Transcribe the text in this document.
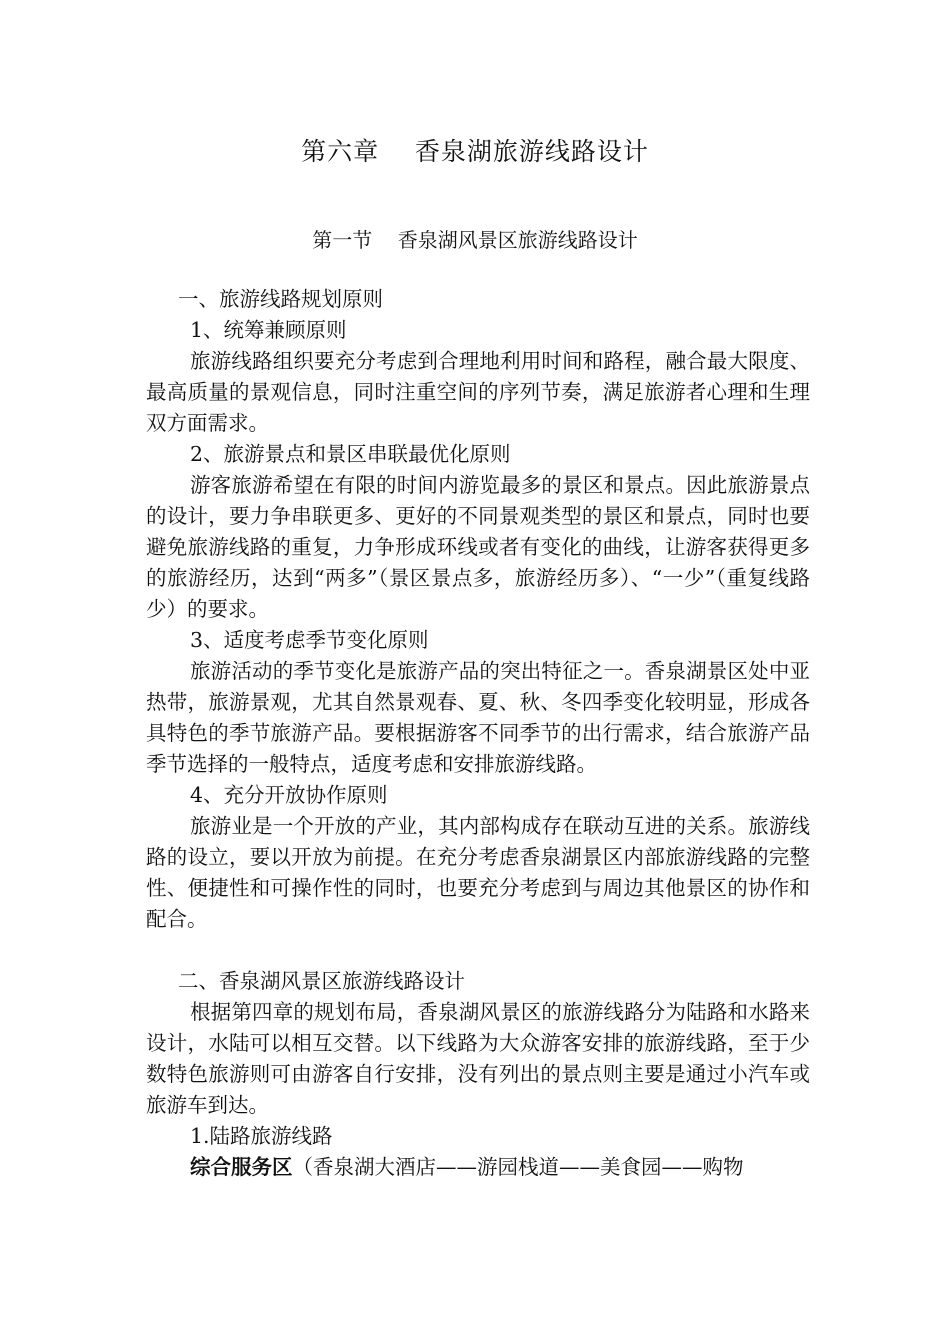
第六章    香泉湖旅游线路设计
第一节    香泉湖风景区旅游线路设计

一、旅游线路规划原则

1、统筹兼顾原则

旅游线路组织要充分考虑到合理地利用时间和路程，融合最大限度、最高质量的景观信息，同时注重空间的序列节奏，满足旅游者心理和生理双方面需求。

2、旅游景点和景区串联最优化原则

游客旅游希望在有限的时间内游览最多的景区和景点。因此旅游景点的设计，要力争串联更多、更好的不同景观类型的景区和景点，同时也要避免旅游线路的重复，力争形成环线或者有变化的曲线，让游客获得更多的旅游经历，达到“两多”（景区景点多，旅游经历多）、“一少”（重复线路少）的要求。

3、适度考虑季节变化原则

旅游活动的季节变化是旅游产品的突出特征之一。香泉湖景区处中亚热带，旅游景观，尤其自然景观春、夏、秋、冬四季变化较明显，形成各具特色的季节旅游产品。要根据游客不同季节的出行需求，结合旅游产品季节选择的一般特点，适度考虑和安排旅游线路。

4、充分开放协作原则

旅游业是一个开放的产业，其内部构成存在联动互进的关系。旅游线路的设立，要以开放为前提。在充分考虑香泉湖景区内部旅游线路的完整性、便捷性和可操作性的同时，也要充分考虑到与周边其他景区的协作和配合。

二、香泉湖风景区旅游线路设计

根据第四章的规划布局，香泉湖风景区的旅游线路分为陆路和水路来设计，水陆可以相互交替。以下线路为大众游客安排的旅游线路，至于少数特色旅游则可由游客自行安排，没有列出的景点则主要是通过小汽车或旅游车到达。

1.陆路旅游线路

综合服务区（香泉湖大酒店——游园栈道——美食园——购物
